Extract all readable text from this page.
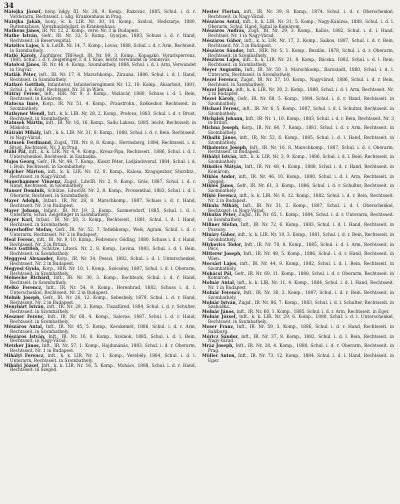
34

Matejka József, hony. hdgy. III. Nr. 28, 9. Komp., Rakovac, 1885, Schul. i. d. r. Vorderarm, Rechtsseit. i. allg. Krankenhaus in Prag.

Matejka Jakab, hony., k. k. LIR. Nr. 30, 10. Komp., Szolcsi, Hodszarje, 1880, Ruttenschuss, Vorezhaulsfejlszt. in Krankenhaus.

Matheus János, IR. Nr. 12, 2. Komp., verw. Nr. 3 in Budapest.

Mathe István, Gefr., IR. Nr. 32, 5. Komp., Gyorjan, 1883, Schuss i. d. r. Hand, Rechtsseit. in Reservespital.

Matelics Lajos, k. k. LstIR. Nr. 14, 7. Komp., Lovas, 1888, Schul. i. d. r. Arm, Rechtseit. in Szombathely.

Matló Károly, Zugfuhrer, TBFAegt. IR. Nr. 89, 3. Komp., Kopaszkó, Vorarlsperrenz, 1885, Schul. i. d. r. Zeigefinger, r. d. l. Knie, leicht verwundet in Temesvár.

Matolcsi János, IR. Nr. 46, 4. Komp., Szombathely, 1886, Schul. i. d. l. Arm, Verwundet in Ungvár.

Matlák Péter, inft., IR. Nr. 17, 8. Marschkomp., Zirauna, 1886, Schul. i. d. l. Hand, Rechtseit. in Szombathely.

Matlaré Gottlieb, Infanterist, Infanterieregiment Nr. 12, 10. Komp., Aksarbeit, 1881, Schul. i. d. Kopf, Rechtsseit. Nr. 31 in Wien.

Mátray Ferenc, inft., HIR. Nr. 9, 3. Komp., Vézlavár, 1880, Schuss i. d. l. Bein, Rechtsseit. in Komárom.

Matocsa Imre, Korp., IR. Nr. 51, 4. Komp., Praustrohn., Székeshor, Rechtsseit. in Szombathely.

Matlsyner Wendl, Inft., k. k. LIR. Nr. 28, 2. Komp., Prelova, 1883, Schul. i. d. r. Brust, Rechtsseit. in Szombathely.

Matusek Mártin, inft., IR. Nr. 16, 16. Komp., Sadu Lakosz, 1885, leicht, Rechtsseit. in Miskolcz.

Mátrabi Mihály, Inft., k. k. LIR. Nr. 31, 8. Komp., 1888, Schul. i. d. r. Bein, Rechtsseit. in Nagy-Várad.

Matusek Ferdinand, Zugsf., TIR. Nr. 8, 8. Komp., Herrnsberg, 1884, Rechtsseit. i. d. Brust, Rechtsseit. Nr. 3 in Prag.

Máhl Pál, inft., k. k. LIR. Nr. 4, 4. Komp., Kreuz-Pipa, Rechtsseit., 1886, Schul. i. d. l. Unterschenkel, Rechtsseit. in Szabadka.

Majos Georg, Gefr., IR. Nr. 48, 7. Komp., Kisszt Péter, Ladjándsveraf, 1884, Schul. i. d. l. Bein, Rechtsseit. in Szombathely.

Majcher Márton, inft., k. k. LIR. Nr. 12, 8. Komp., Kalosa, Kragujesbar, Sturzbtz., Rechtsseit. in Nagy-Várad.

Mauerhammer Vinzenz, Zugsf., LdwIR. Nr. 2, 9. Komp., Gráz, 1887, Schul. i. d. r. Hand, Rechtsseit. in Szombathely.

Mauser Dominik, Schütze, LdwsSR. Nr. 2, 8. Komp., Prossenthal, 1883, Schul. i. d. l. Oberarm, Rechtseit. in Szombathely.

Mayer Adolph, Infant., IR. Nr. 28, 8. Marschkomp., 1887, Schuss i. d. r. Hand, Rechtsseit. Nr. 3 in Budapest.

Mayer Johann, Infant., IR. Nr. 19, 3. Komp., Szomersdorf, 1885, Schul. i. d. l. Unterarm, Schul. Zeigefinger in Szombathely.

Mayer Karl, Infant., IR. Nr. 50, 3. Komp., Rechtsseit., 1881, Schul. i. d. l. Hand, Rechtsseit. in Szombathely.

Mayerhoffer Stefan, Gefr., IR. Nr. 52, 7. Intlebkomp., Wels, Agram, Schul. i. d. r. Unterarm, Rechtsseit. Nr. 2 in Budapest.

Meál Ferenc, inft., IR. Nr. 9, 10. Komp., Fedremov, Göding, 1880, Schuss i. d. r. Hand, Rechtsseit. Nr. 2 in Brünn.

Mecz Gottlieb, Schütze, LdwsS. Nr. 2, 8. Komp., Levina, 1883, Schul. i. d. l. Bein, Rechtsseit. in Szombathely.

Meggyesi Alexander, Korp., IR. Nr. 34, Pesszi, 1882, Schul. i. d. l. Unterschenkel, Rechtsseit. Nr. 2 in Budapest.

Megyesi Gyula, Korp., HIR. Nr. 10, 1. Komp., Szécsény, 1887, Schul. i. d. l. Oberarm, Rechtsseit. in Szombathely.

Meinecke Richárd, Inft., IR. Nr. 30, 3. Komp., Rochbuck, Schul. i. d. r. Hand, Rechtseit. in Szombathely.

Melkó Ferencz, Inft., IR. Nr. 54, 9. Komp., Herenhrad, 1882, Schuss i. d. l. Unterschenkel, Rechtsseit. Nr. 2 in Budapest.

Melnik Joseph, Gefr., IR. Nr. 26, 12. Komp., Sebeshely, 1879, Schul. i. d. r. Hand, Rechtsseit. Nr. 2 in Budapest.

Menyhárt István, inft., IR. Nr. 29, 2. Komp., Tiszafüred, 1884, Schul. i. d. r. Schulter, Rechtsseit. in Szombathely.

Meszner Ferenc, Inft., IR. Nr. 68, 4. Komp., Salovas, 1887, Schul. i. d. r. Hand, Rechtsseit. in Szombathely.

Mészáros Antal, Inft., IR. Nr. 45, 5. Komp., Kecskemét, 1886, Schul. i. d. r. Arm, Rechtsseit. in Szombathely.

Mészáros István, Inft., IR. Nr. 16, 8. Komp., Szolnok, 1885, Schul. i. d. l. Bein, Rechtsseit. in Nagy-Várad.

Metzker János, Inft., IR. Nr. 57, 1. Komp., Hajdunánás, 1883, Schul. i. d. r. Oberarm, Rechtsseit. Nr. 1 in Budapest.

Mihályi Ferencz, inft., k. k. LIR. Nr. 2, 1. Komp., Verebély, 1884, Schul. i. d. l. Unterarm, Rechtsseit. in Szombathely.

Mihályi József, Inft., k. k. LIR. Nr. 16, 5. Komp., Mohács, 1888, Schul. i. d. r. Hand, Rechtsseit. in Szeged.

Mester Florian, inft., IR. Nr. 39, 8. Komp., 1874, Schul. i. d. r. Oberschenkel, Rechtsseit. in Nagy-Várad.

Mészáros Antal, inft., k. k. LIR. Nr. 31, 5. Komp., Nagy-Kanizsa, 1888, Schul. i. d. l. Oberarm, Schul. Hand, Spital in Komárom.

Mészáros András, Zugf., IR. Nr. 29, 3. Komp., Kallós, 1882, Schul. i. d. l. Hand, Rechtseit. Nr. 1 in Nagy-Várad.

Mészáros Gábor, inft., k. k. LIR. Nr. 17, 2. Komp., Saikos, 1887, Schul. i. d. r. Bein, Rechtsseit. Nr. 3 in Budapest.

Mészáros Sándor, Inft., HIR. Nr. 5, 1. Komp., Bezdán, 1878, Schul. i. d. r. Oberarm, Rechtsseit. in Szombathely.

Mészáros Lajos, inft., k. k. LIR. Nr. 21, 8. Komp., Bácska, 1882, Schul. i. d. l. Bein, Rechtsseit. in Szombathely.

Meyer Augustin, Inft., IR. Nr. 50, 3. Marschkomp., Barnstadt, 1880, Schul. i. d. l. Unterarm, Rechtsseit. in Szombathely.

Mezei Ferencz, Zugsf., IR. Nr. 37, 10. Komp., Nagyvárad, 1886, Schul. i. d. r. Bein, Rechtseit. in Szombathely.

Mezei István, inft., k. k. LIR. Nr. 30, 2. Komp., 1888, Schul. i. d. l. Arm, Rechtsseit. Nr. 2 in Budapest.

Mezei Károly, Gefr., IR. Nr. 68, 5. Komp., 1884, Schul. i. d. r. Hand, Rechtsseit. in Szombathely.

Michael Ferenc, inft., IR. Nr. 6, 5. Komp., 1887, Schul. i. d. l. Schulter, Rechtsseit. in Szombathely.

Michalek Johann, Inft., IR. Nr. 1, 10. Komp., 1883, Schul. i. d. r. Bein, Rechtsseit. Nr. 3 in Brünn.

Michna Joseph, Korp., IR. Nr. 64, 7. Komp., 1881, Schul. i. d. r. Arm, Rechtsseit. in Szombathely.

Mihalik János, inft., IR. Nr. 52, 6. Komp., 1885, Schul. i. d. l. Hand, Rechtsseit. in Szombathely.

Mihalovics Joseph, Inft., IR. Nr. 16, 8. Marschkomp., 1887, Schul. i. d. r. Oberarm, Rechtsseit. in Budapest.

Mihályi István, inft., k. k. LIR. Nr. 3, 9. Komp., 1886, Schul. i. d. l. Bein, Rechtsseit. in Szombathely.

Mikolics Mátyás, Inft., IR. Nr. 48, 4. Komp., 1888, Schul. i. d. r. Hand, Rechtsseit. in Komárom.

Miklós Andor, inft., IR. Nr. 46, 10. Komp., 1880, Schul. i. d. l. Arm, Rechtsseit. in Szeged.

Miklós János, Gefr., IR. Nr. 61, 3. Komp., 1886, Schul. i. d. r. Schulter, Rechtsseit. in Szombathely.

Mikló Ferencz, inft., k. k. LIR. Nr. 8, 12. Komp., 1882, Schul. i. d. r. Bein, Rechtsseit. Nr. 2 in Budapest.

Mikula Mihály, Inft., IR. Nr. 31, 2. Komp., 1887, Schul. i. d. l. Oberschenkel, Rechtsseit. in Nagy-Várad.

Mikulás Péter, Zugsf., IR. Nr. 65, 1. Komp., 1884, Schul. i. d. r. Unterarm, Rechtsseit. in Szombathely.

Millner Stefan, Inft., IR. Nr. 72, 6. Komp., 1883, Schul. i. d. l. Hand, Rechtsseit. in Pozsony.

Mináry Gábor, inft., k. k. LIR. Nr. 10, 3. Komp., 1881, Schul. i. d. r. Bein, Rechtsseit. in Szombathely.

Mirkovics Tódor, Inft., IR. Nr. 70, 8. Komp., 1885, Schul. i. d. l. Arm, Rechtsseit. in Pécs.

Mitterer Joseph, Inft., IR. Nr. 49, 5. Komp., 1886, Schul. i. d. r. Hand, Rechtsseit. in Wien.

Mocsári Lajos, inft., IR. Nr. 44, 9. Komp., 1882, Schul. i. d. l. Bein, Rechtsseit. in Szombathely.

Mohácsi Pál, Gefr., IR. Nr. 69, 11. Komp., 1888, Schul. i. d. r. Oberarm, Rechtsseit. in Komárom.

Molnár Antal, inft., k. k. LIR. Nr. 11, 4. Komp., 1884, Schul. i. d. l. Hand, Rechtsseit. Nr. 1 in Budapest.

Molnár Ferencz, Inft., IR. Nr. 38, 2. Komp., 1887, Schul. i. d. r. Bein, Rechtsseit. in Szombathely.

Molnár István, Zugsf., IR. Nr. 86, 7. Komp., 1883, Schul. i. d. l. Schulter, Rechtsseit. in Szabadka.

Molnár János, inft., IR. Nr. 60, 1. Komp., 1885, Schul. i. d. r. Arm, Rechtsseit. in Eger.

Molnár József, Inft., k. k. LIR. Nr. 29, 6. Komp., 1880, Schul. i. d. l. Unterschenkel, Rechtsseit. in Szombathely.

Moser Franz, Inft., IR. Nr. 59, 3. Komp., 1886, Schul. i. d. r. Hand, Rechtsseit. in Salzburg.

Móricz Sándor, inft., IR. Nr. 37, 8. Komp., 1882, Schul. i. d. l. Bein, Rechtsseit. in Nagy-Várad.

Mráz Joseph, Inft., IR. Nr. 28, 4. Komp., 1888, Schul. i. d. r. Oberarm, Rechtsseit. in Prag.

Müller Anton, Inft., IR. Nr. 73, 12. Komp., 1884, Schul. i. d. l. Hand, Rechtsseit. in Eger.
